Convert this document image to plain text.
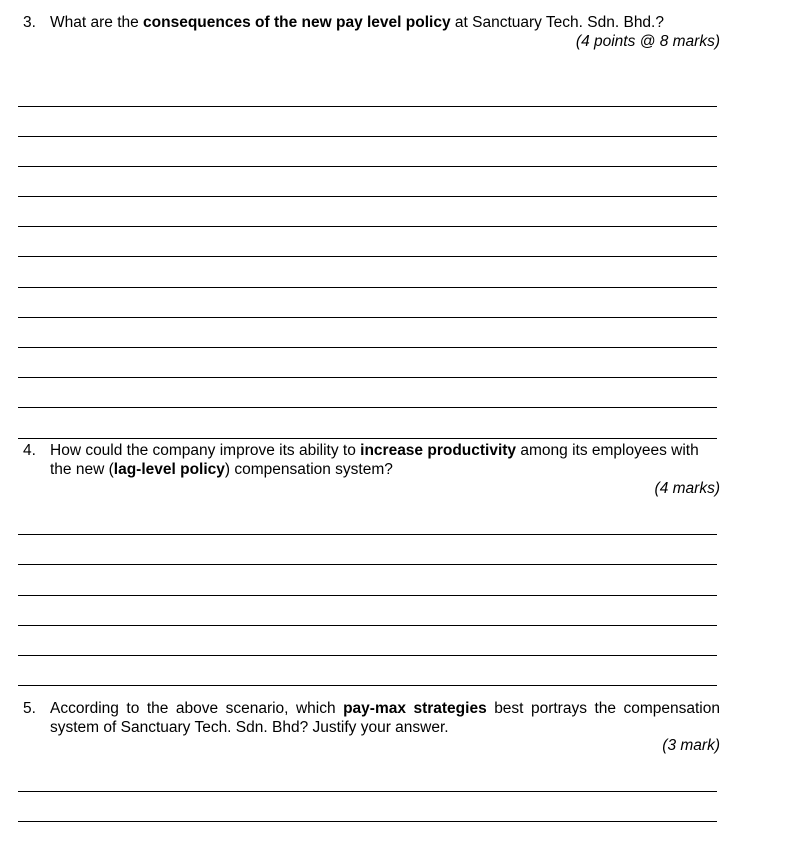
3. What are the consequences of the new pay level policy at Sanctuary Tech. Sdn. Bhd.?
(4 points @ 8 marks)
4. How could the company improve its ability to increase productivity among its employees with the new (lag-level policy) compensation system?
(4 marks)
5. According to the above scenario, which pay-max strategies best portrays the compensation system of Sanctuary Tech. Sdn. Bhd? Justify your answer.
(3 mark)
